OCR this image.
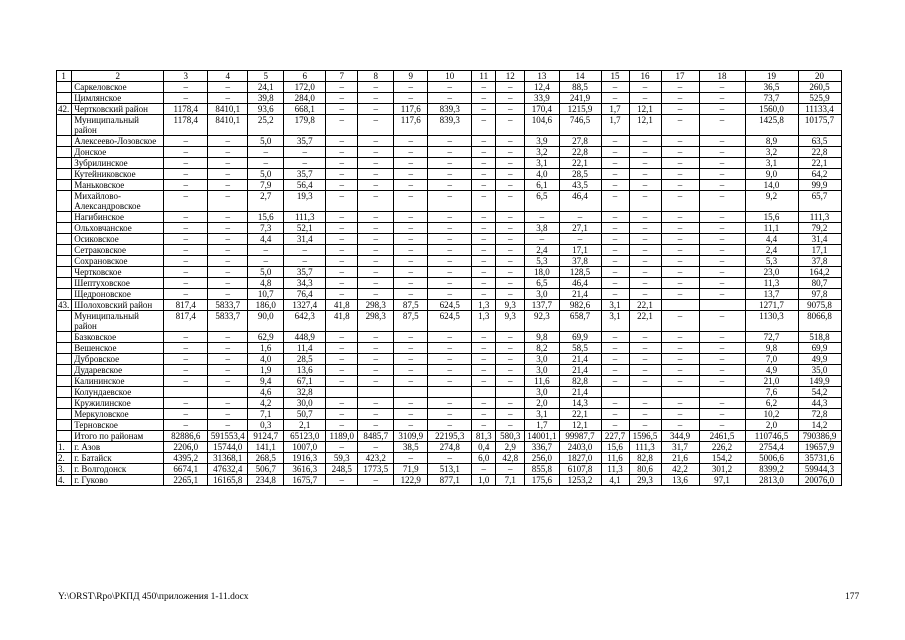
1	2	3	4	5	6	7	8	9	10	11	12	13	14	15	16	17	18	19	20
	Саркеловское	–	–	24,1	172,0	–	–	–	–	–	–	12,4	88,5	–	–	–	–	36,5	260,5
	Цимлянское	–	–	39,8	284,0	–	–	–	–	–	–	33,9	241,9	–	–	–	–	73,7	525,9
42.	Чертковский район	1178,4	8410,1	93,6	668,1	–	–	117,6	839,3	–	–	170,4	1215,9	1,7	12,1	–	–	1560,0	11133,4
	Муниципальный район	1178,4	8410,1	25,2	179,8	–	–	117,6	839,3	–	–	104,6	746,5	1,7	12,1	–	–	1425,8	10175,7
	Алексеево-Лозовское	–	–	5,0	35,7	–	–	–	–	–	–	3,9	27,8	–	–	–	–	8,9	63,5
	Донское	–	–	–	–	–	–	–	–	–	–	3,2	22,8	–	–	–	–	3,2	22,8
	Зубрилинское	–	–	–	–	–	–	–	–	–	–	3,1	22,1	–	–	–	–	3,1	22,1
	Кутейниковское	–	–	5,0	35,7	–	–	–	–	–	–	4,0	28,5	–	–	–	–	9,0	64,2
	Маньковское	–	–	7,9	56,4	–	–	–	–	–	–	6,1	43,5	–	–	–	–	14,0	99,9
	Михайлово-Александровское	–	–	2,7	19,3	–	–	–	–	–	–	6,5	46,4	–	–	–	–	9,2	65,7
	Нагибинское	–	–	15,6	111,3	–	–	–	–	–	–	–	–	–	–	–	–	15,6	111,3
	Ольховчанское	–	–	7,3	52,1	–	–	–	–	–	–	3,8	27,1	–	–	–	–	11,1	79,2
	Осиковское	–	–	4,4	31,4	–	–	–	–	–	–	–	–	–	–	–	–	4,4	31,4
	Сетраковское	–	–	–	–	–	–	–	–	–	–	2,4	17,1	–	–	–	–	2,4	17,1
	Сохрановское	–	–	–	–	–	–	–	–	–	–	5,3	37,8	–	–	–	–	5,3	37,8
	Чертковское	–	–	5,0	35,7	–	–	–	–	–	–	18,0	128,5	–	–	–	–	23,0	164,2
	Шептуховское	–	–	4,8	34,3	–	–	–	–	–	–	6,5	46,4	–	–	–	–	11,3	80,7
	Щедроновское	–	–	10,7	76,4	–	–	–	–	–	–	3,0	21,4	–	–	–	–	13,7	97,8
43.	Шолоховский район	817,4	5833,7	186,0	1327,4	41,8	298,3	87,5	624,5	1,3	9,3	137,7	982,6	3,1	22,1			1271,7	9075,8
	Муниципальный район	817,4	5833,7	90,0	642,3	41,8	298,3	87,5	624,5	1,3	9,3	92,3	658,7	3,1	22,1	–	–	1130,3	8066,8
	Базковское	–	–	62,9	448,9	–	–	–	–	–	–	9,8	69,9	–	–	–	–	72,7	518,8
	Вешенское	–	–	1,6	11,4	–	–	–	–	–	–	8,2	58,5	–	–	–	–	9,8	69,9
	Дубровское	–	–	4,0	28,5	–	–	–	–	–	–	3,0	21,4	–	–	–	–	7,0	49,9
	Дударевское	–	–	1,9	13,6	–	–	–	–	–	–	3,0	21,4	–	–	–	–	4,9	35,0
	Калининское	–	–	9,4	67,1	–	–	–	–	–	–	11,6	82,8	–	–	–	–	21,0	149,9
	Колундаевское			4,6	32,8							3,0	21,4					7,6	54,2
	Кружилинское	–	–	4,2	30,0	–	–	–	–	–	–	2,0	14,3	–	–	–	–	6,2	44,3
	Меркуловское	–	–	7,1	50,7	–	–	–	–	–	–	3,1	22,1	–	–	–	–	10,2	72,8
	Терновское	–	–	0,3	2,1	–	–	–	–	–	–	1,7	12,1	–	–	–	–	2,0	14,2
	Итого по районам	82886,6	591553,4	9124,7	65123,0	1189,0	8485,7	3109,9	22195,3	81,3	580,3	14001,1	99987,7	227,7	1596,5	344,9	2461,5	110746,5	790386,9
1.	г. Азов	2206,0	15744,0	141,1	1007,0	–	–	38,5	274,8	0,4	2,9	336,7	2403,0	15,6	111,3	31,7	226,2	2754,4	19657,9
2.	г. Батайск	4395,2	31368,1	268,5	1916,3	59,3	423,2	–	–	6,0	42,8	256,0	1827,0	11,6	82,8	21,6	154,2	5006,6	35731,6
3.	г. Волгодонск	6674,1	47632,4	506,7	3616,3	248,5	1773,5	71,9	513,1	–	–	855,8	6107,8	11,3	80,6	42,2	301,2	8399,2	59944,3
4.	г. Гуково	2265,1	16165,8	234,8	1675,7	–	–	122,9	877,1	1,0	7,1	175,6	1253,2	4,1	29,3	13,6	97,1	2813,0	20076,0
Y:\ORST\Rpo\РКПД 450\приложения 1-11.docx	177
